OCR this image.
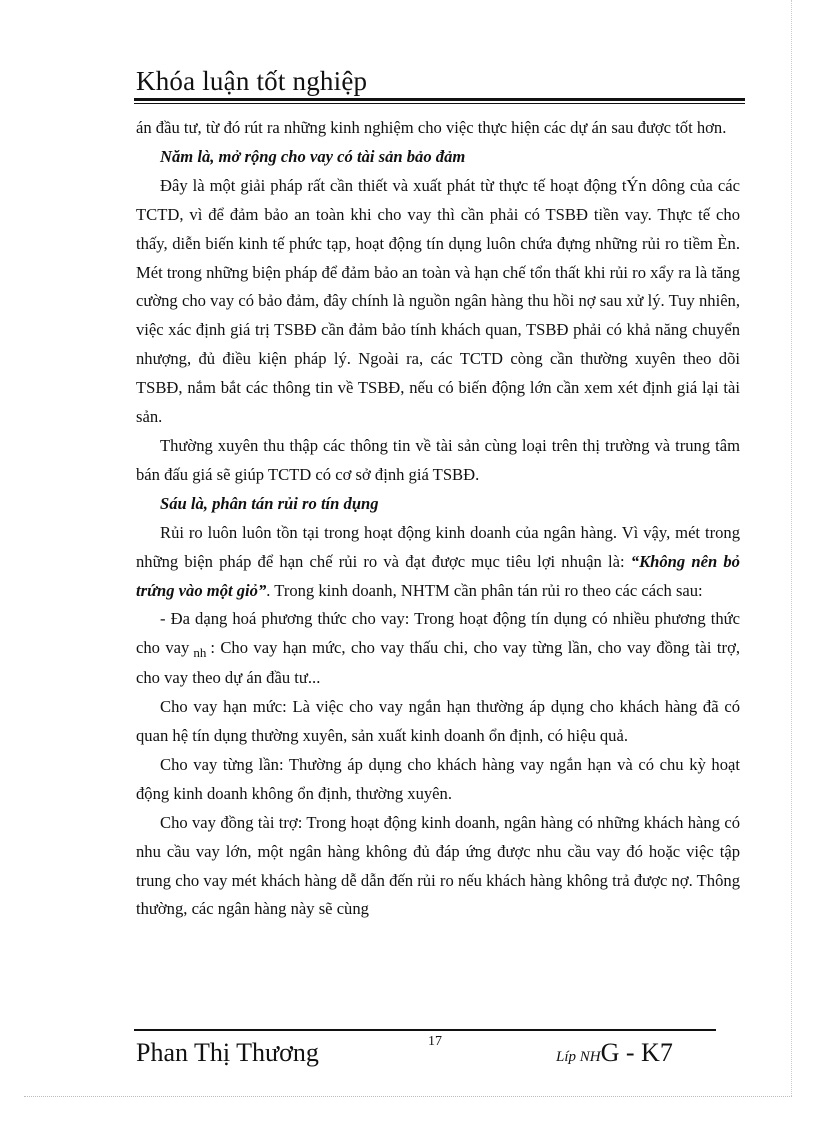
Khóa luận tốt nghiệp

án đầu tư, từ đó rút ra những kinh nghiệm cho việc thực hiện các dự án sau được tốt hơn.

Năm là, mở rộng cho vay có tài sản bảo đảm

Đây là một giải pháp rất cần thiết và xuất phát từ thực tế hoạt động tÝn dông của các TCTD, vì để đảm bảo an toàn khi cho vay thì cần phải có TSBĐ tiền vay. Thực tế cho thấy, diễn biến kinh tế phức tạp, hoạt động tín dụng luôn chứa đựng những rủi ro tiềm Èn. Mét trong những biện pháp để đảm bảo an toàn và hạn chế tổn thất khi rủi ro xẩy ra là tăng cường cho vay có bảo đảm, đây chính là nguồn ngân hàng thu hồi nợ sau xử lý. Tuy nhiên, việc xác định giá trị TSBĐ cần đảm bảo tính khách quan, TSBĐ phải có khả năng chuyển nhượng, đủ điều kiện pháp lý. Ngoài ra, các TCTD còng cần thường xuyên theo dõi TSBĐ, nắm bắt các thông tin về TSBĐ, nếu có biến động lớn cần xem xét định giá lại tài sản.

Thường xuyên thu thập các thông tin về tài sản cùng loại trên thị trường và trung tâm bán đấu giá sẽ giúp TCTD có cơ sở định giá TSBĐ.

Sáu là, phân tán rủi ro tín dụng

Rủi ro luôn luôn tồn tại trong hoạt động kinh doanh của ngân hàng. Vì vậy, mét trong những biện pháp để hạn chế rủi ro và đạt được mục tiêu lợi nhuận là: “Không nên bỏ trứng vào một giỏ”. Trong kinh doanh, NHTM cần phân tán rủi ro theo các cách sau:

- Đa dạng hoá phương thức cho vay: Trong hoạt động tín dụng có nhiều phương thức cho vay $_{nh}$ : Cho vay hạn mức, cho vay thấu chi, cho vay từng lần, cho vay đồng tài trợ, cho vay theo dự án đầu tư...

Cho vay hạn mức: Là việc cho vay ngắn hạn thường áp dụng cho khách hàng đã có quan hệ tín dụng thường xuyên, sản xuất kinh doanh ổn định, có hiệu quả.

Cho vay từng lần: Thường áp dụng cho khách hàng vay ngắn hạn và có chu kỳ hoạt động kinh doanh không ổn định, thường xuyên.

Cho vay đồng tài trợ: Trong hoạt động kinh doanh, ngân hàng có những khách hàng có nhu cầu vay lớn, một ngân hàng không đủ đáp ứng được nhu cầu vay đó hoặc việc tập trung cho vay mét khách hàng dễ dẫn đến rủi ro nếu khách hàng không trả được nợ. Thông thường, các ngân hàng này sẽ cùng

Phan Thị Thương	17
Líp NHG - K7
